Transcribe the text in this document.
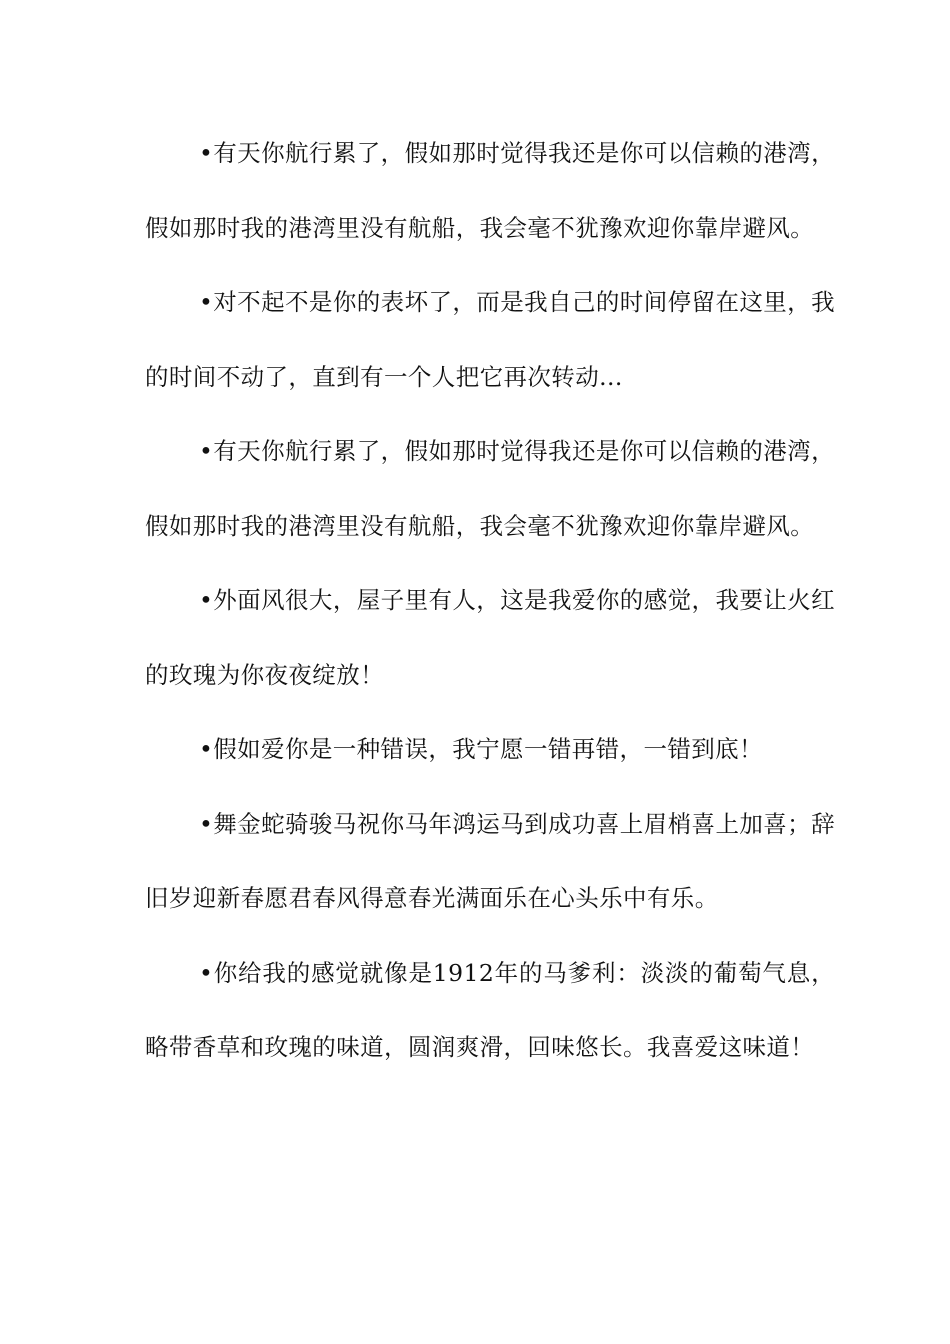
•有天你航行累了，假如那时觉得我还是你可以信赖的港湾，假如那时我的港湾里没有航船，我会毫不犹豫欢迎你靠岸避风。

•对不起不是你的表坏了，而是我自己的时间停留在这里，我的时间不动了，直到有一个人把它再次转动...

•有天你航行累了，假如那时觉得我还是你可以信赖的港湾，假如那时我的港湾里没有航船，我会毫不犹豫欢迎你靠岸避风。

•外面风很大，屋子里有人，这是我爱你的感觉，我要让火红的玫瑰为你夜夜绽放！

•假如爱你是一种错误，我宁愿一错再错，一错到底！

•舞金蛇骑骏马祝你马年鸿运马到成功喜上眉梢喜上加喜；辞旧岁迎新春愿君春风得意春光满面乐在心头乐中有乐。

•你给我的感觉就像是1912年的马爹利：淡淡的葡萄气息，略带香草和玫瑰的味道，圆润爽滑，回味悠长。我喜爱这味道！
